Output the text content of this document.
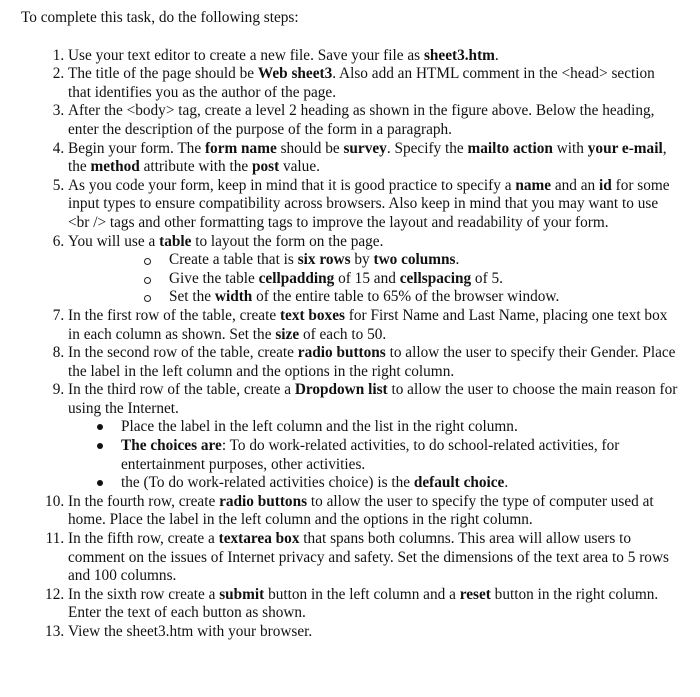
To complete this task, do the following steps:

1. Use your text editor to create a new file. Save your file as sheet3.htm.
2. The title of the page should be Web sheet3. Also add an HTML comment in the <head> section that identifies you as the author of the page.
3. After the <body> tag, create a level 2 heading as shown in the figure above. Below the heading, enter the description of the purpose of the form in a paragraph.
4. Begin your form. The form name should be survey. Specify the mailto action with your e-mail, the method attribute with the post value.
5. As you code your form, keep in mind that it is good practice to specify a name and an id for some input types to ensure compatibility across browsers. Also keep in mind that you may want to use <br /> tags and other formatting tags to improve the layout and readability of your form.
6. You will use a table to layout the form on the page.
Create a table that is six rows by two columns.
Give the table cellpadding of 15 and cellspacing of 5.
Set the width of the entire table to 65% of the browser window.
7. In the first row of the table, create text boxes for First Name and Last Name, placing one text box in each column as shown. Set the size of each to 50.
8. In the second row of the table, create radio buttons to allow the user to specify their Gender. Place the label in the left column and the options in the right column.
9. In the third row of the table, create a Dropdown list to allow the user to choose the main reason for using the Internet.
Place the label in the left column and the list in the right column.
The choices are: To do work-related activities, to do school-related activities, for entertainment purposes, other activities.
the (To do work-related activities choice) is the default choice.
10. In the fourth row, create radio buttons to allow the user to specify the type of computer used at home. Place the label in the left column and the options in the right column.
11. In the fifth row, create a textarea box that spans both columns. This area will allow users to comment on the issues of Internet privacy and safety. Set the dimensions of the text area to 5 rows and 100 columns.
12. In the sixth row create a submit button in the left column and a reset button in the right column. Enter the text of each button as shown.
13. View the sheet3.htm with your browser.
